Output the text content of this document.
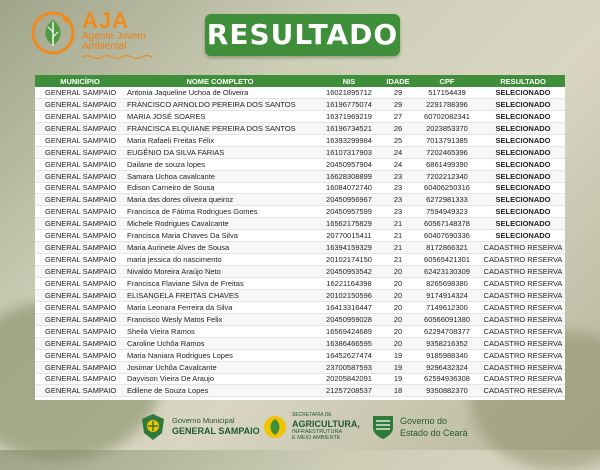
AJA
Agente Jovem
Ambiental	RESULTADO
MUNICÍPIO	NOME COMPLETO	NIS	IDADE	CPF	RESULTADO
GENERAL SAMPAIO	Antonia Jaqueline Uchoa de Oliveira	16021895712	29	517154439	SELECIONADO
GENERAL SAMPAIO	FRANCISCO ARNOLDO PEREIRA DOS SANTOS	16196775074	29	2291788396	SELECIONADO
GENERAL SAMPAIO	MARIA JOSÉ SOARES	16371969219	27	60702082341	SELECIONADO
GENERAL SAMPAIO	FRANCISCA ELQUIANE PEREIRA DOS SANTOS	16196734521	26	2023853370	SELECIONADO
GENERAL SAMPAIO	Maria Rafaeli Freitas Félix	16393299984	25	7013791385	SELECIONADO
GENERAL SAMPAIO	EUGÊNIO DA SILVA FARIAS	16107317903	24	7202465396	SELECIONADO
GENERAL SAMPAIO	Dailane de souza lopes	20450957904	24	6861499390	SELECIONADO
GENERAL SAMPAIO	Samara Uchoa cavalcante	16628308899	23	7202212340	SELECIONADO
GENERAL SAMPAIO	Edison Carneiro de Sousa	16084072740	23	60406250316	SELECIONADO
GENERAL SAMPAIO	Maria das dores oliveira queiroz	20450956967	23	6272981333	SELECIONADO
GENERAL SAMPAIO	Francisca de Fátima Rodrigues Gomes	20450957599	23	7594949323	SELECIONADO
GENERAL SAMPAIO	Michele Rodrigues Cavalcante	16562175829	21	60567148378	SELECIONADO
GENERAL SAMPAIO	Francisca Maria Chaves Da Silva	20770015411	21	60407690336	SELECIONADO
GENERAL SAMPAIO	Maria Aurinete Alves de Sousa	16394159329	21	8172866321	CADASTRO RESERVA
GENERAL SAMPAIO	maria jessica do nascimento	20102174150	21	60565421301	CADASTRO RESERVA
GENERAL SAMPAIO	Nivaldo Moreira Araújo Neto	20450953542	20	62423130309	CADASTRO RESERVA
GENERAL SAMPAIO	Francisca Flaviane Silva de Freitas	16221164398	20	8265698380	CADASTRO RESERVA
GENERAL SAMPAIO	ELISANGELA FREITAS CHAVES	20102150596	20	9174914324	CADASTRO RESERVA
GENERAL SAMPAIO	Maria Leonara Ferreira da Silva	16413316447	20	7149612300	CADASTRO RESERVA
GENERAL SAMPAIO	Francisco Wesly Matos Felix	20450959028	20	60566091380	CADASTRO RESERVA
GENERAL SAMPAIO	Sheila Vieira Ramos	16569424689	20	62294708377	CADASTRO RESERVA
GENERAL SAMPAIO	Caroline Uchôa Ramos	16386466595	20	9358216352	CADASTRO RESERVA
GENERAL SAMPAIO	Maria Naniara Rodrigues Lopes	16452627474	19	9185988340	CADASTRO RESERVA
GENERAL SAMPAIO	Josimar Uchôa Cavalcante	23700587593	19	9296432324	CADASTRO RESERVA
GENERAL SAMPAIO	Dayvison Vieira De Araujo	20205842091	19	62594936308	CADASTRO RESERVA
GENERAL SAMPAIO	Edilene de Souza Lopes	21257208537	18	9350882370	CADASTRO RESERVA
Governo Municipal
GENERAL SAMPAIO
SECRETARIA DE
AGRICULTURA,
INFRAESTRUTURA
E MEIO AMBIENTE
Governo do
Estado do Ceará
